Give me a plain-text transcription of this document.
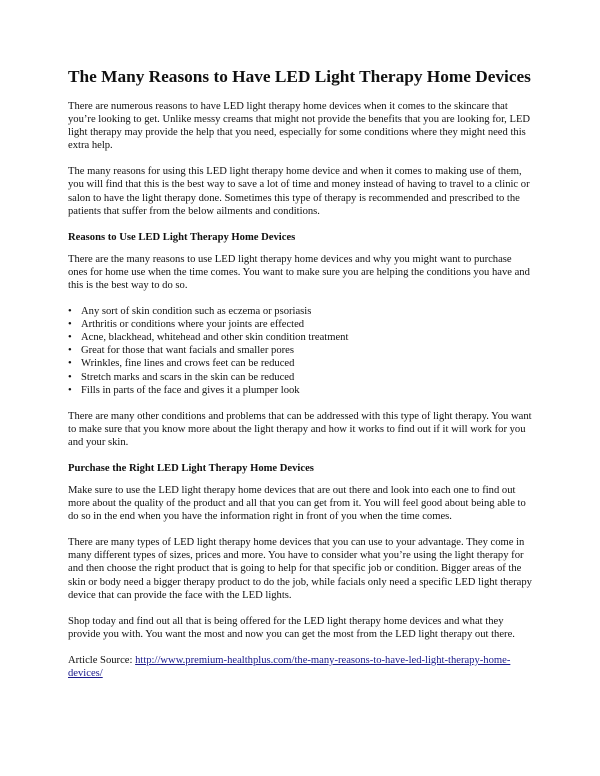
The Many Reasons to Have LED Light Therapy Home Devices

There are numerous reasons to have LED light therapy home devices when it comes to the skincare that you’re looking to get. Unlike messy creams that might not provide the benefits that you are looking for, LED light therapy may provide the help that you need, especially for some conditions where they might need this extra help.

The many reasons for using this LED light therapy home device and when it comes to making use of them, you will find that this is the best way to save a lot of time and money instead of having to travel to a clinic or salon to have the light therapy done. Sometimes this type of therapy is recommended and prescribed to the patients that suffer from the below ailments and conditions.

Reasons to Use LED Light Therapy Home Devices

There are the many reasons to use LED light therapy home devices and why you might want to purchase ones for home use when the time comes. You want to make sure you are helping the conditions you have and this is the best way to do so.

• Any sort of skin condition such as eczema or psoriasis
• Arthritis or conditions where your joints are effected
• Acne, blackhead, whitehead and other skin condition treatment
• Great for those that want facials and smaller pores
• Wrinkles, fine lines and crows feet can be reduced
• Stretch marks and scars in the skin can be reduced
• Fills in parts of the face and gives it a plumper look

There are many other conditions and problems that can be addressed with this type of light therapy. You want to make sure that you know more about the light therapy and how it works to find out if it will work for you and your skin.

Purchase the Right LED Light Therapy Home Devices

Make sure to use the LED light therapy home devices that are out there and look into each one to find out more about the quality of the product and all that you can get from it. You will feel good about being able to do so in the end when you have the information right in front of you when the time comes.

There are many types of LED light therapy home devices that you can use to your advantage. They come in many different types of sizes, prices and more. You have to consider what you’re using the light therapy for and then choose the right product that is going to help for that specific job or condition. Bigger areas of the skin or body need a bigger therapy product to do the job, while facials only need a specific LED light therapy device that can provide the face with the LED lights.

Shop today and find out all that is being offered for the LED light therapy home devices and what they provide you with. You want the most and now you can get the most from the LED light therapy out there.

Article Source: http://www.premium-healthplus.com/the-many-reasons-to-have-led-light-therapy-home-devices/
